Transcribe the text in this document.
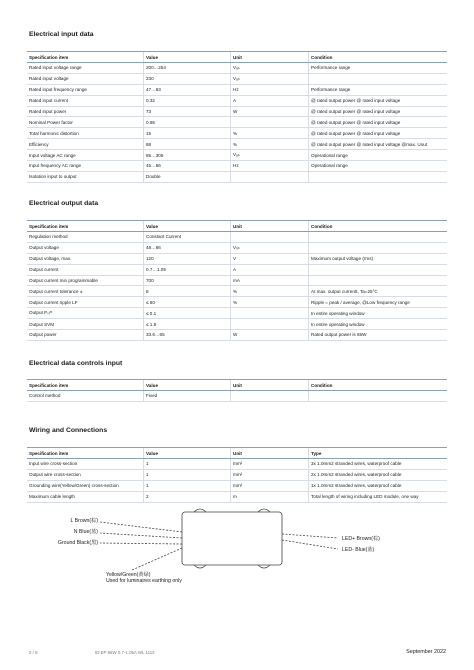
Electrical input data
Specification item	Value	Unit	Condition
Rated input voltage range	200…254	Vₐₙ	Performance range
Rated input voltage	230	Vₐₙ	
Rated input frequency range	47…63	Hz	Performance range
Rated input current	0.32	A	@ rated output power @ rated input voltage
Rated input power	73	W	@ rated output power @ rated input voltage
Nominal Power factor	0.95		@ rated output power @ rated input voltage
Total harmonic distortion	15	%	@ rated output power @ rated input voltage
Efficiency	88	%	@ rated output power @ rated input voltage @max. Uout
Input voltage AC range	85…305	Vₐₙ	Operational range
Input frequency AC range	45…66	Hz	Operational range
Isolation input to output	Double		
Electrical output data
Specification item	Value	Unit	Condition
Regulation method	Constant Current		
Output voltage	48…66	Vₔₙ	
Output voltage, max.	120	V	Maximum output voltage (rms)
Output current	0.7…1.05	A	
Output current min programmable	700	mA	
Output current tolerance ±	8	%	At max. output currentt, Ta=25°C
Output current ripple LF	≤ 60	%	Ripple = peak / average, @Low frequency range
Output Pₛᵢᵐ	≤ 0.1		In entire operating window
Output SVM	≤ 1.8		In entire operating window
Output power	33.6…65	W	Rated output power is 65W
Electrical data controls input
Specification item	Value	Unit	Condition
Control method	Fixed		
Wiring and Connections
Specification item	Value	Unit	Type
Input wire cross-section	1	mm²	3x 1.0mm2 stranded wires, waterproof cable
Output wire cross-section	1	mm²	2x 1.0mm2 stranded wires, waterproof cable
Grounding wire(Yellow/Green) cross-section	1	mm²	1x 1.0mm2 stranded wires, waterproof cable
Maximum cable length	2	m	Total length of wiring including LED module, one way
L Brown(棕)
N Blue(蓝)
Ground Black(黑)
LED+ Brown(棕)
LED- Blue(蓝)
Yellow/Green(黄绿)
Used for luminaires earthing only
2 / 8	ID:EP 65W 0.7-1.05A WL 1112	September 2022
